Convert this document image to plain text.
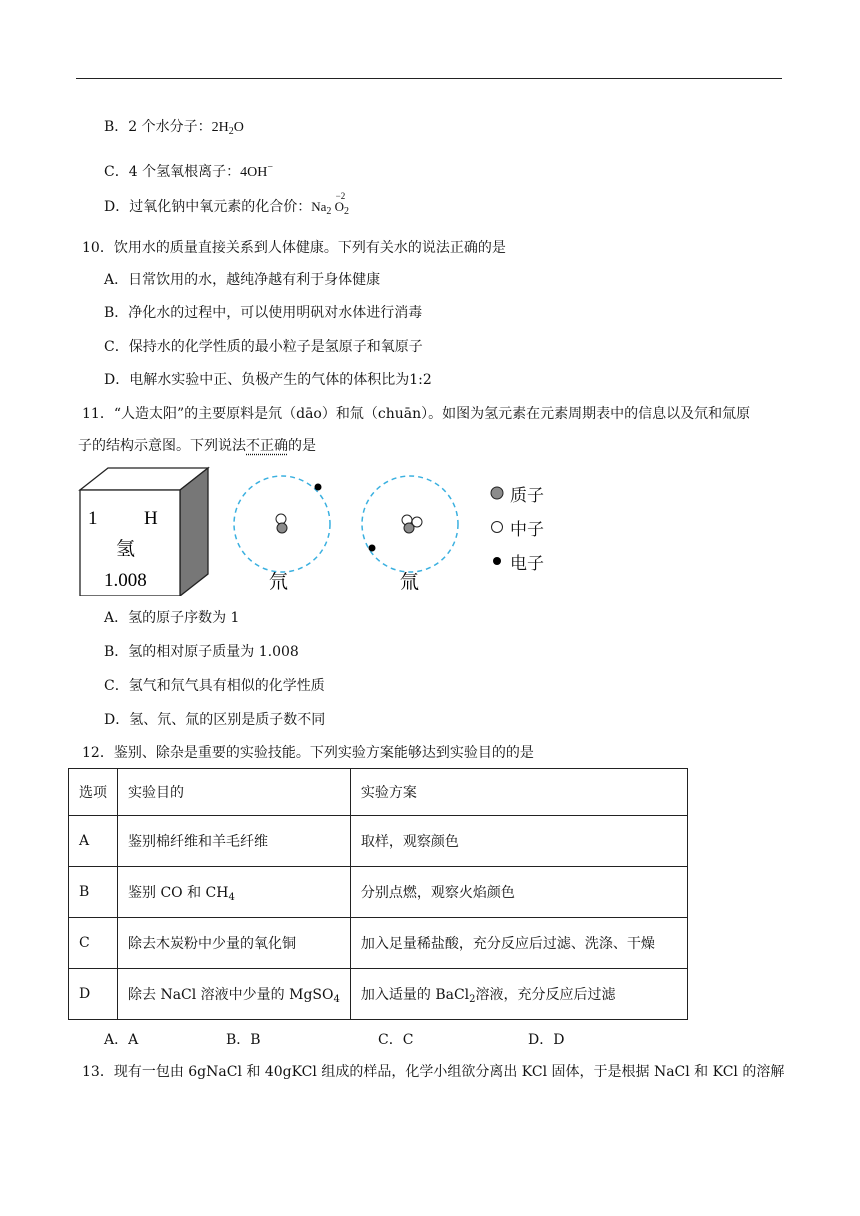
B．2 个水分子：$2H_2O$
C．4 个氢氧根离子：4OH−
D．过氧化钠中氧元素的化合价：$Na_2$
−2
$O_2$
10．饮用水的质量直接关系到人体健康。下列有关水的说法正确的是
A．日常饮用的水，越纯净越有利于身体健康
B．净化水的过程中，可以使用明矾对水体进行消毒
C．保持水的化学性质的最小粒子是氢原子和氧原子
D．电解水实验中正、负极产生的气体的体积比为1:2
11．“人造太阳”的主要原料是氘（dāo）和氚（chuān）。如图为氢元素在元素周期表中的信息以及氘和氚原
子的结构示意图。下列说法不正确的是
1 H
氢
1.008	氘	氚
质子
中子
电子
A．氢的原子序数为 1
B．氢的相对原子质量为 1.008
C．氢气和氘气具有相似的化学性质
D．氢、氘、氚的区别是质子数不同
12．鉴别、除杂是重要的实验技能。下列实验方案能够达到实验目的的是
选项	实验目的	实验方案
A	鉴别棉纤维和羊毛纤维	取样，观察颜色
B	鉴别 CO 和 $CH_4$	分别点燃，观察火焰颜色
C	除去木炭粉中少量的氧化铜	加入足量稀盐酸，充分反应后过滤、洗涤、干燥
D	除去 NaCl 溶液中少量的 MgSO$_4$	加入适量的 BaCl$_2$溶液，充分反应后过滤
A．A	B．B	C．C	D．D
13．现有一包由 6gNaCl 和 40gKCl 组成的样品，化学小组欲分离出 KCl 固体，于是根据 NaCl 和 KCl 的溶解
